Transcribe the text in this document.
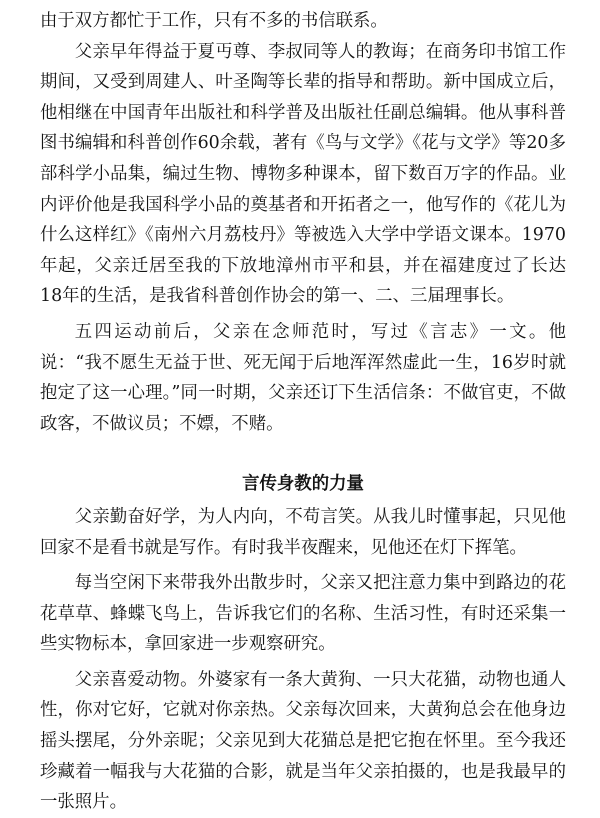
由于双方都忙于工作，只有不多的书信联系。

父亲早年得益于夏丏尊、李叔同等人的教诲；在商务印书馆工作期间，又受到周建人、叶圣陶等长辈的指导和帮助。新中国成立后，他相继在中国青年出版社和科学普及出版社任副总编辑。他从事科普图书编辑和科普创作60余载，著有《鸟与文学》《花与文学》等20多部科学小品集，编过生物、博物多种课本，留下数百万字的作品。业内评价他是我国科学小品的奠基者和开拓者之一，他写作的《花儿为什么这样红》《南州六月荔枝丹》等被选入大学中学语文课本。1970年起，父亲迁居至我的下放地漳州市平和县，并在福建度过了长达18年的生活，是我省科普创作协会的第一、二、三届理事长。

五四运动前后，父亲在念师范时，写过《言志》一文。他说：“我不愿生无益于世、死无闻于后地浑浑然虚此一生，16岁时就抱定了这一心理。”同一时期，父亲还订下生活信条：不做官吏，不做政客，不做议员；不嫖，不赌。

言传身教的力量

父亲勤奋好学，为人内向，不苟言笑。从我儿时懂事起，只见他回家不是看书就是写作。有时我半夜醒来，见他还在灯下挥笔。

每当空闲下来带我外出散步时，父亲又把注意力集中到路边的花花草草、蜂蝶飞鸟上，告诉我它们的名称、生活习性，有时还采集一些实物标本，拿回家进一步观察研究。

父亲喜爱动物。外婆家有一条大黄狗、一只大花猫，动物也通人性，你对它好，它就对你亲热。父亲每次回来，大黄狗总会在他身边摇头摆尾，分外亲昵；父亲见到大花猫总是把它抱在怀里。至今我还珍藏着一幅我与大花猫的合影，就是当年父亲拍摄的，也是我最早的一张照片。
